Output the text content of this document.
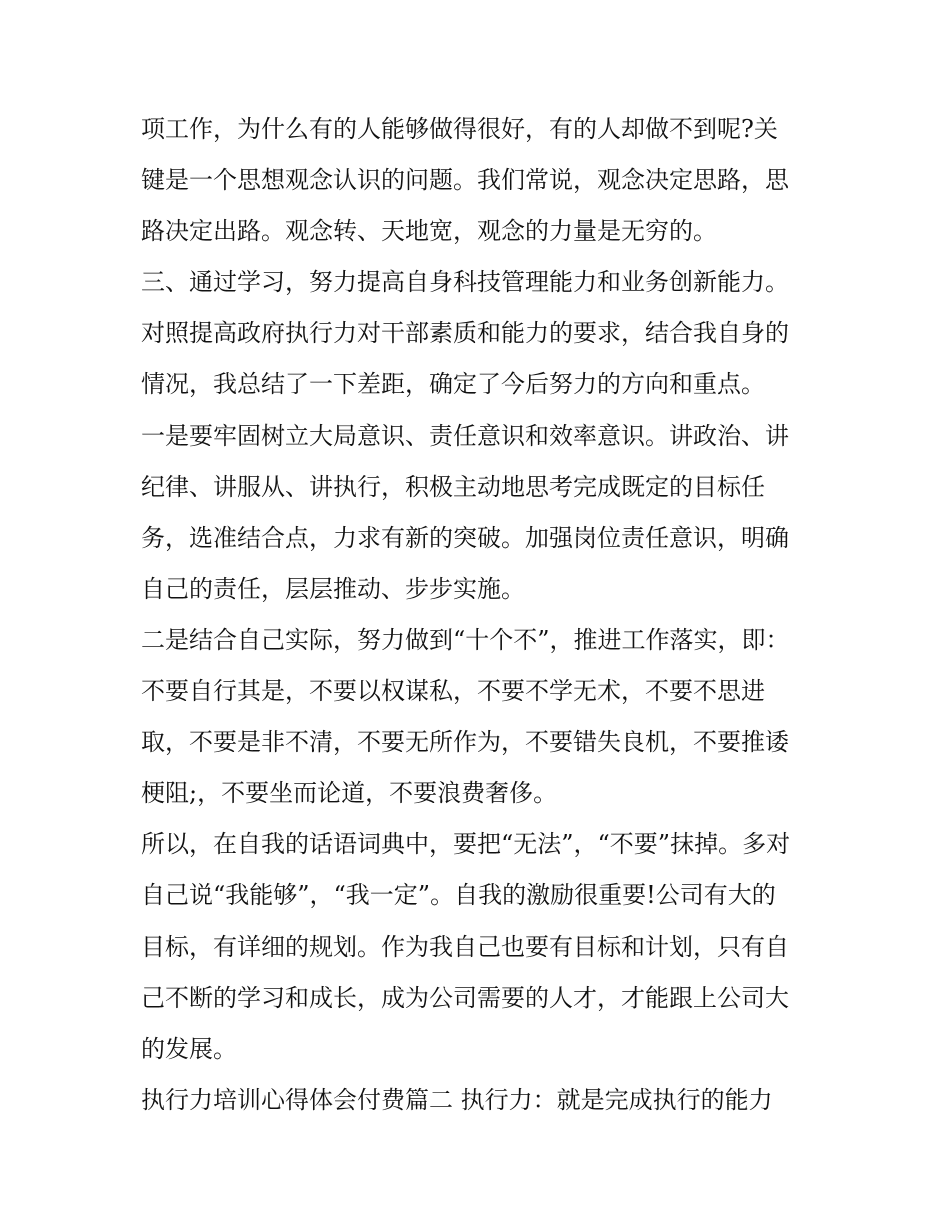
项工作，为什么有的人能够做得很好，有的人却做不到呢?关
键是一个思想观念认识的问题。我们常说，观念决定思路，思
路决定出路。观念转、天地宽，观念的力量是无穷的。
三、通过学习，努力提高自身科技管理能力和业务创新能力。
对照提高政府执行力对干部素质和能力的要求，结合我自身的
情况，我总结了一下差距，确定了今后努力的方向和重点。
一是要牢固树立大局意识、责任意识和效率意识。讲政治、讲
纪律、讲服从、讲执行，积极主动地思考完成既定的目标任
务，选准结合点，力求有新的突破。加强岗位责任意识，明确
自己的责任，层层推动、步步实施。
二是结合自己实际，努力做到“十个不”，推进工作落实，即：
不要自行其是，不要以权谋私，不要不学无术，不要不思进
取，不要是非不清，不要无所作为，不要错失良机，不要推诿
梗阻;，不要坐而论道，不要浪费奢侈。
所以，在自我的话语词典中，要把“无法”，“不要”抹掉。多对
自己说“我能够”，“我一定”。自我的激励很重要!公司有大的
目标，有详细的规划。作为我自己也要有目标和计划，只有自
己不断的学习和成长，成为公司需要的人才，才能跟上公司大
的发展。
执行力培训心得体会付费篇二 执行力：就是完成执行的能力
